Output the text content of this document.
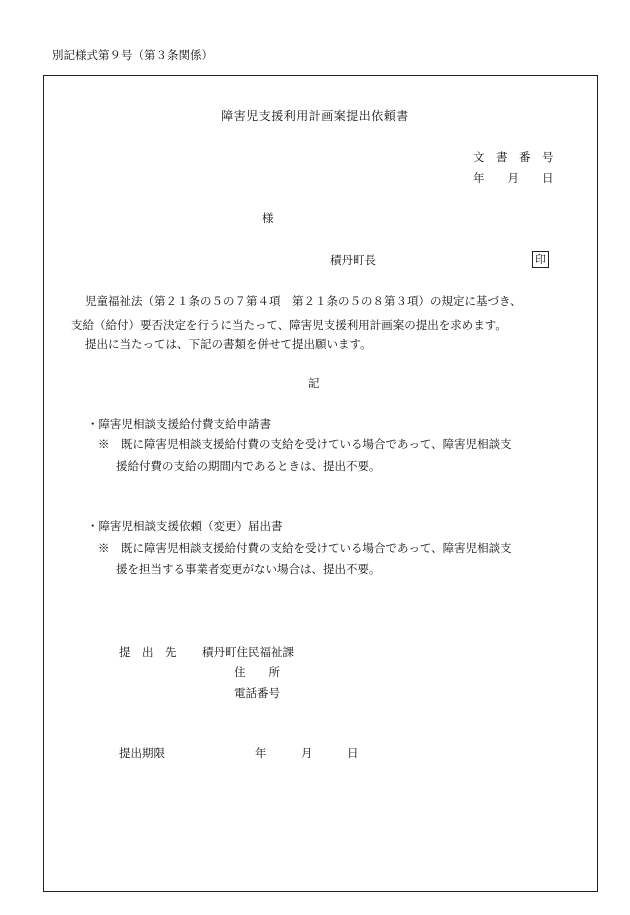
別記様式第９号（第３条関係）
障害児支援利用計画案提出依頼書
文　書　番　号
年　　月　　日
様
積丹町長	印
児童福祉法（第２１条の５の７第４項　第２１条の５の８第３項）の規定に基づき、
支給（給付）要否決定を行うに当たって、障害児支援利用計画案の提出を求めます。
提出に当たっては、下記の書類を併せて提出願います。
記
・障害児相談支援給付費支給申請書
※　既に障害児相談支援給付費の支給を受けている場合であって、障害児相談支
援給付費の支給の期間内であるときは、提出不要。
・障害児相談支援依頼（変更）届出書
※　既に障害児相談支援給付費の支給を受けている場合であって、障害児相談支
援を担当する事業者変更がない場合は、提出不要。
提　出　先 積丹町住民福祉課
住　　所
電話番号
提出期限	年　　　月　　　日
